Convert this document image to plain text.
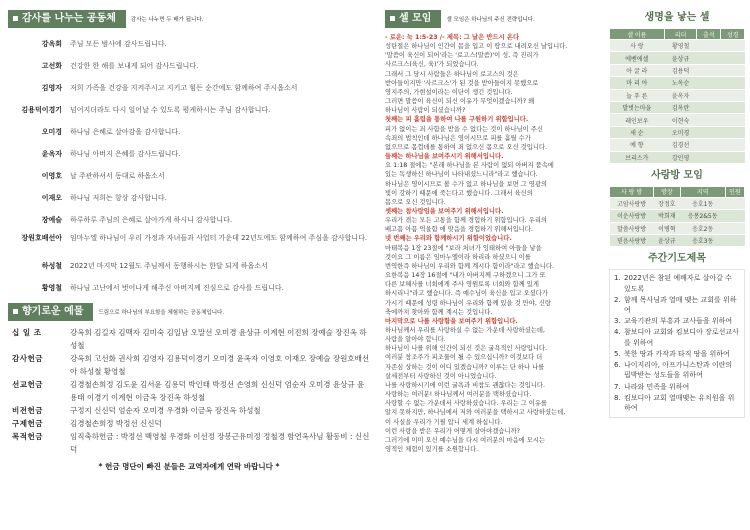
감사를 나누는 공동체	감사는 나누면 두 배가 됩니다.
강옥희	주님 모든 범사에 감사드립니다.
고선화	건강한 한 해를 보내게 되어 감사드립니다.
김영자	저희 가족을 건강을 지켜주시고 지키고 힘든 순간에도 함께하여 주시옵소서
김용덕이경기	넘어지더라도 다시 일어날 수 있도록 평케하시는 주님 감사합니다.
오미경	하나님 은혜로 살아감을 감사합니다.
윤옥자	하나님 아버지 은혜를 감사드립니다.
이영호	날 주관하셔서 동대로 하옵소서
이재오	하나님 저희는 항상 감사합니다.
장예슬	하루하루 주님의 은혜로 살아가게 하시니 감사합니다.
장원호배선아	임마누엘 하나님이 우리 가정과 자녀들과 사업터 가운데 22년도에도 함께하여 주심을 감사합니다.
하성철	2022년 마지막 12월도 주님께서 동행하시는 한달 되게 하옵소서
황영철	하나님 고난에서 벗어나게 해주신 아버지께 진심으로 감사를 드립니다.
향기로운 예물	드림으로 하나님의 부요함을 체험하는 공동체입니다.
십 일 조	강옥희 김길자 김맥자 김미숙 김일남 오말선 오미경 윤상규 이계현 이진희 장예슬 장진옥 하성철
감사헌금	강옥희 고선화 권사희 김영자 김용덕이경기 오미경 윤옥자 이영호 이재오 장예슬 장원호배선아 하성철 황영철
선교헌금	김경철손희정 김도윤 김서윤 김용덕 박인태 박정선 손영희 신신덕 엄순자 오미경 윤상규 윤용태 이경기 이계현 이금옥 장진옥 하성철
비전헌금	구정지 신신덕 엄순자 오미경 우경화 이금옥 장진옥 하성철
구제헌금	김경철손희정 박정선 신신덕
목적헌금	임직축하헌금 : 박정선 백영철 우경화 이선정 장봉근유미정 정철경 함연옥사님 활동비 : 신신덕
* 헌금 명단이 빠진 분들은 교역자에게 연락 바랍니다 *
셀 모임	셀 모임은 하나님의 주신 전략입니다.
- 로운: 눅 1:5-23 /- 제목: 그 날은 반드시 온다
성탄절은 하나님이 인간이 몸을 입고 이 땅으로 내려오신 날입니다.
'말씀이 육신이 되어'라는 '로고스(말씀)'이 성, 즉 진리가
사르크스(육신, 육)'가 되었습니다.
그래서 그 당시 사람들은 하나님이 로고스의 것은
받아들이지만 '사르크스'가 된 것을 받아들이지 못했으로
영지주의, 가현설이라는 이단이 생긴 것입니다.
그러면 말씀이 육신이 되신 이유가 무엇이겠습니까? 왜
하나님이 사람이 되셨습니까?
첫째는 피 흘림을 통하여 나를 구원하기 위함입니다.
피가 없이는 죄 사함을 받을 수 없다는 것이 하나님이 주신
속죄의 법칙인데 하나님은 영이시므로 피를 흘릴 수가
없으므로 몸껍데를 통하여 죄 없으신 몸으로 오신 것입니다.
둘째는 하나님을 보여주시기 위해서입니다.
요 1:18 절에는 "본래 하나님을 본 사람이 없되 아버지 품속에
있는 독생하신 하나님이 나타내셨느니라"라고 했습니다.
하나님은 영이시므로 볼 수가 없고 하나님을 보면 그 영광의
빛이 강하기 때문에 죽는다고 했습니다. 그래서 육신의
몸으로 오신 것입니다.
셋째는 참사랑임을 보여주기 위해서입니다.
우리가 겪는 모든 고통을 함께 경험하기 위함입니다. 우리의
배고픔 아픔 억울함 애 맞음을 경험하기 위해서입니다.
넷 번째는 우리와 함께하시기 위함이었습니다.
마태복음 1장 23절에 "보라 처녀가 잉태하여 아들을 낳을
것이요 그 이름은 임마누엘이라 하리라 하셨으니 이를
번역한즉 하나님이 우리와 함께 계시다 함이라"라고 했습니다.
요한복음 14장 16절에 "내가 아버지께 구하겠으니 그가 또
다른 보혜사를 너희에게 주사 영원토록 너희와 함께 있게
하시리니"라고 했습니다. 즉 예수님이 육신을 입고 오셨다가
가시기 때문에 성령 하나님이 우리와 함께 있을 것 만야, 신랑
축에까지 찾아와 함께 계시는 것입니다.
마지막으로 나를 사랑함을 보여주기 위함입니다.
하나님께서 우리를 사랑하실 수 없는 가운데 사랑하셨는데,
사람을 알아야 합니다.
하나님이 나를 위해 인간이 되신 것은 굴욕적인 사랑입니다.
여러분 창조주가 피조물이 될 수 있으십니까? 이것보다 더
자존심 상하는 것이 어디 있겠습니까? 이루는 단 하나 나를
살세전부터 사랑하신 것이 아니었습니다.
나를 사랑하시기에 이런 굴욕과 비참도 괜찮다는 것입니다.
사랑하는 여러분! 하나님께서 여러분을 택하셨습니다.
사랑할 수 없는 가운데서 사랑하셨습니다. 우리는 그 이유를
알지 못하지만, 하나님에서 저와 여러분을 택하시고 사랑하셨는데,
이 사실을 우리가 기필 압니 세계 하십니다.
이런 사랑을 받은 우리가 어떻게 살아야겠습니까?
그러기에 이미 오신 예수님을 다시 여러분의 마음에 모시는
영적인 체험이 있기를 소원합니다.
생명을 낳는 셀
셀 이름	리더	출석	성경
사 랑	황영철		
에벤에셀	윤상규		
아 굴 라	김용덕		
마 리 아	노옥순		
늘 푸 른	윤옥자		
발벗는마을	김옥란		
레인보우	이현숙		
새 순	오미경		
예 향	김경선		
브리스가	강인영		
사랑방 모임
사 랑 방	방장	지역	인원
고암사랑방	장정호	응호1동	
이운사랑방	박희재	응봉2&5동	
말씀사랑방	이병혁	응호2동	
믿음사랑방	윤상규	응호3동	
주간기도제목
1. 2022년은 참된 예배자로 살아갈 수 있도록
2. 함께 목사님과 열매 맺는 교회를 위하여
3. 교육기관의 부흥과 교사들을 위하여
4. 참보디아 교회와 킴보디아 장로선교사를 위하여
5. 북한 땅과 카작과 타직 땅을 위하여
6. 나이지리아, 아프가니스탄과 이란의 핍박받는 성도들을 위하여
7. 나라와 민족을 위하여
8. 킴보디아 교회 열매맺는 유치원을 위하여
